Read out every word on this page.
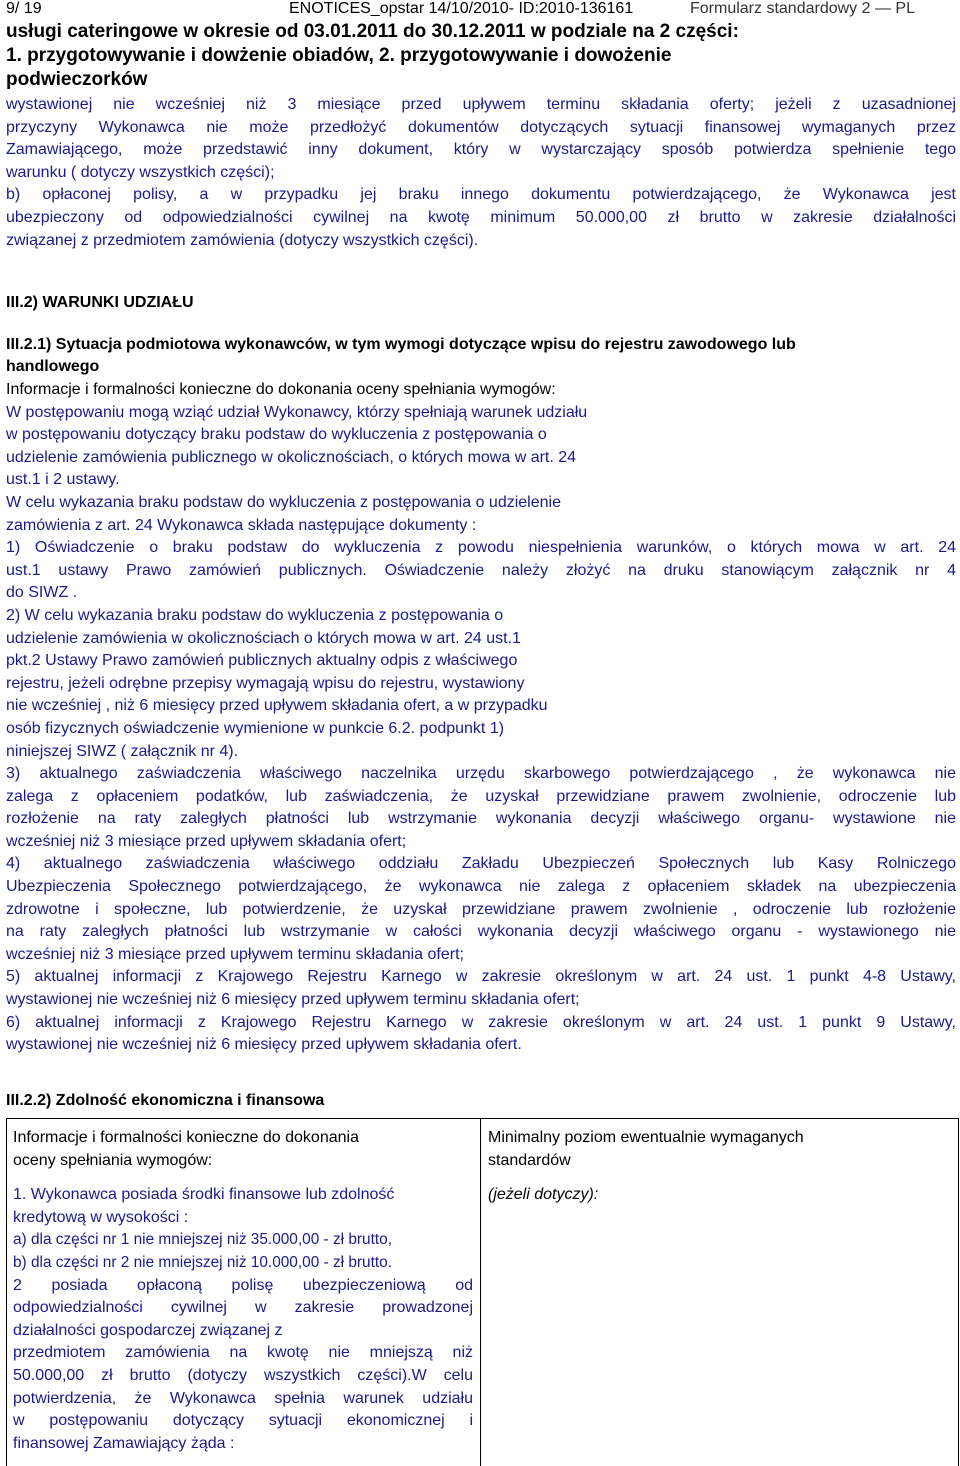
9/ 19	ENOTICES_opstar 14/10/2010- ID:2010-136161	Formularz standardowy 2 — PL
usługi cateringowe w okresie od 03.01.2011 do 30.12.2011 w podziale na 2 części:
1. przygotowywanie i dowżenie obiadów, 2. przygotowywanie i dowożenie
podwieczorków
wystawionej nie wcześniej niż 3 miesiące przed upływem terminu składania oferty; jeżeli z uzasadnionej
przyczyny Wykonawca nie może przedłożyć dokumentów dotyczących sytuacji finansowej wymaganych przez
Zamawiającego, może przedstawić inny dokument, który w wystarczający sposób potwierdza spełnienie tego
warunku ( dotyczy wszystkich części);
b) opłaconej polisy, a w przypadku jej braku innego dokumentu potwierdzającego, że Wykonawca jest
ubezpieczony od odpowiedzialności cywilnej na kwotę minimum 50.000,00 zł brutto w zakresie działalności
związanej z przedmiotem zamówienia (dotyczy wszystkich części).
III.2) WARUNKI UDZIAŁU
III.2.1) Sytuacja podmiotowa wykonawców, w tym wymogi dotyczące wpisu do rejestru zawodowego lub
handlowego
Informacje i formalności konieczne do dokonania oceny spełniania wymogów:
W postępowaniu mogą wziąć udział Wykonawcy, którzy spełniają warunek udziału
w postępowaniu dotyczący braku podstaw do wykluczenia z postępowania o
udzielenie zamówienia publicznego w okolicznościach, o których mowa w art. 24
ust.1 i 2 ustawy.
W celu wykazania braku podstaw do wykluczenia z postępowania o udzielenie
zamówienia z art. 24 Wykonawca składa następujące dokumenty :
1) Oświadczenie o braku podstaw do wykluczenia z powodu niespełnienia warunków, o których mowa w art. 24
ust.1 ustawy Prawo zamówień publicznych. Oświadczenie należy złożyć na druku stanowiącym załącznik nr 4
do SIWZ .
2) W celu wykazania braku podstaw do wykluczenia z postępowania o
udzielenie zamówienia w okolicznościach o których mowa w art. 24 ust.1
pkt.2 Ustawy Prawo zamówień publicznych aktualny odpis z właściwego
rejestru, jeżeli odrębne przepisy wymagają wpisu do rejestru, wystawiony
nie wcześniej , niż 6 miesięcy przed upływem składania ofert, a w przypadku
osób fizycznych oświadczenie wymienione w punkcie 6.2. podpunkt 1)
niniejszej SIWZ ( załącznik nr 4).
3) aktualnego zaświadczenia właściwego naczelnika urzędu skarbowego potwierdzającego , że wykonawca nie
zalega z opłaceniem podatków, lub zaświadczenia, że uzyskał przewidziane prawem zwolnienie, odroczenie lub
rozłożenie na raty zaległych płatności lub wstrzymanie wykonania decyzji właściwego organu- wystawione nie
wcześniej niż 3 miesiące przed upływem składania ofert;
4) aktualnego zaświadczenia właściwego oddziału Zakładu Ubezpieczeń Społecznych lub Kasy Rolniczego
Ubezpieczenia Społecznego potwierdzającego, że wykonawca nie zalega z opłaceniem składek na ubezpieczenia
zdrowotne i społeczne, lub potwierdzenie, że uzyskał przewidziane prawem zwolnienie , odroczenie lub rozłożenie
na raty zaległych płatności lub wstrzymanie w całości wykonania decyzji właściwego organu - wystawionego nie
wcześniej niż 3 miesiące przed upływem terminu składania ofert;
5) aktualnej informacji z Krajowego Rejestru Karnego w zakresie określonym w art. 24 ust. 1 punkt 4-8 Ustawy,
wystawionej nie wcześniej niż 6 miesięcy przed upływem terminu składania ofert;
6) aktualnej informacji z Krajowego Rejestru Karnego w zakresie określonym w art. 24 ust. 1 punkt 9 Ustawy,
wystawionej nie wcześniej niż 6 miesięcy przed upływem składania ofert.
III.2.2) Zdolność ekonomiczna i finansowa
Informacje i formalności konieczne do dokonania
oceny spełniania wymogów:
1. Wykonawca posiada środki finansowe lub zdolność
kredytową w wysokości :
a) dla części nr 1 nie mniejszej niż 35.000,00 - zł brutto,
b) dla części nr 2 nie mniejszej niż 10.000,00 - zł brutto.
2 posiada opłaconą polisę ubezpieczeniową od
odpowiedzialności cywilnej w zakresie prowadzonej
działalności gospodarczej związanej z
przedmiotem zamówienia na kwotę nie mniejszą niż
50.000,00 zł brutto (dotyczy wszystkich części).W celu
potwierdzenia, że Wykonawca spełnia warunek udziału
w postępowaniu dotyczący sytuacji ekonomicznej i
finansowej Zamawiający żąda :
Minimalny poziom ewentualnie wymaganych
standardów
(jeżeli dotyczy):
